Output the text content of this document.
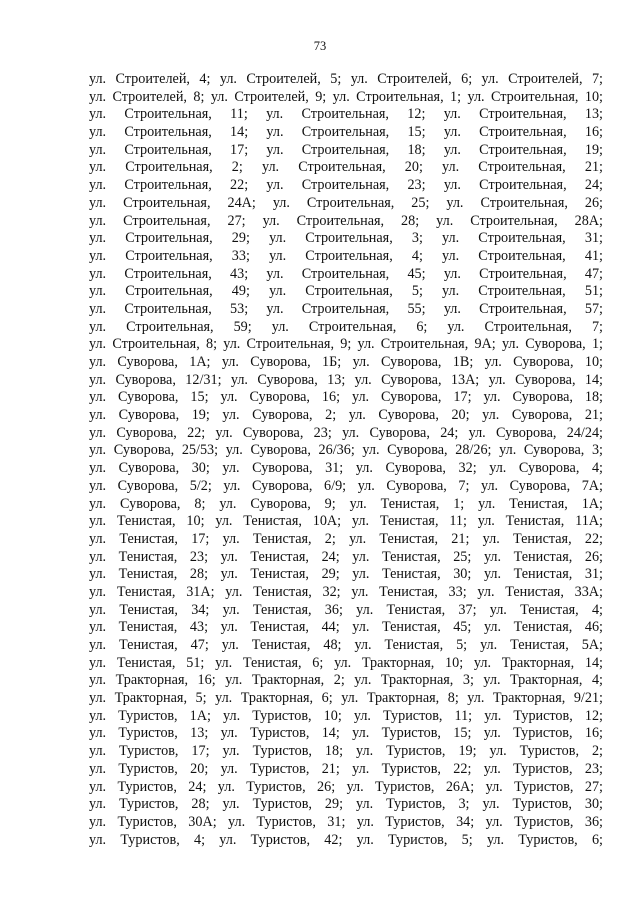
73
ул. Строителей, 4; ул. Строителей, 5; ул. Строителей, 6; ул. Строителей, 7;
ул. Строителей, 8; ул. Строителей, 9; ул. Строительная, 1; ул. Строительная, 10;
ул. Строительная, 11; ул. Строительная, 12; ул. Строительная, 13;
ул. Строительная, 14; ул. Строительная, 15; ул. Строительная, 16;
ул. Строительная, 17; ул. Строительная, 18; ул. Строительная, 19;
ул. Строительная, 2; ул. Строительная, 20; ул. Строительная, 21;
ул. Строительная, 22; ул. Строительная, 23; ул. Строительная, 24;
ул. Строительная, 24А; ул. Строительная, 25; ул. Строительная, 26;
ул. Строительная, 27; ул. Строительная, 28; ул. Строительная, 28А;
ул. Строительная, 29; ул. Строительная, 3; ул. Строительная, 31;
ул. Строительная, 33; ул. Строительная, 4; ул. Строительная, 41;
ул. Строительная, 43; ул. Строительная, 45; ул. Строительная, 47;
ул. Строительная, 49; ул. Строительная, 5; ул. Строительная, 51;
ул. Строительная, 53; ул. Строительная, 55; ул. Строительная, 57;
ул. Строительная, 59; ул. Строительная, 6; ул. Строительная, 7;
ул. Строительная, 8; ул. Строительная, 9; ул. Строительная, 9А; ул. Суворова, 1;
ул. Суворова, 1А; ул. Суворова, 1Б; ул. Суворова, 1В; ул. Суворова, 10;
ул. Суворова, 12/31; ул. Суворова, 13; ул. Суворова, 13А; ул. Суворова, 14;
ул. Суворова, 15; ул. Суворова, 16; ул. Суворова, 17; ул. Суворова, 18;
ул. Суворова, 19; ул. Суворова, 2; ул. Суворова, 20; ул. Суворова, 21;
ул. Суворова, 22; ул. Суворова, 23; ул. Суворова, 24; ул. Суворова, 24/24;
ул. Суворова, 25/53; ул. Суворова, 26/36; ул. Суворова, 28/26; ул. Суворова, 3;
ул. Суворова, 30; ул. Суворова, 31; ул. Суворова, 32; ул. Суворова, 4;
ул. Суворова, 5/2; ул. Суворова, 6/9; ул. Суворова, 7; ул. Суворова, 7А;
ул. Суворова, 8; ул. Суворова, 9; ул. Тенистая, 1; ул. Тенистая, 1А;
ул. Тенистая, 10; ул. Тенистая, 10А; ул. Тенистая, 11; ул. Тенистая, 11А;
ул. Тенистая, 17; ул. Тенистая, 2; ул. Тенистая, 21; ул. Тенистая, 22;
ул. Тенистая, 23; ул. Тенистая, 24; ул. Тенистая, 25; ул. Тенистая, 26;
ул. Тенистая, 28; ул. Тенистая, 29; ул. Тенистая, 30; ул. Тенистая, 31;
ул. Тенистая, 31А; ул. Тенистая, 32; ул. Тенистая, 33; ул. Тенистая, 33А;
ул. Тенистая, 34; ул. Тенистая, 36; ул. Тенистая, 37; ул. Тенистая, 4;
ул. Тенистая, 43; ул. Тенистая, 44; ул. Тенистая, 45; ул. Тенистая, 46;
ул. Тенистая, 47; ул. Тенистая, 48; ул. Тенистая, 5; ул. Тенистая, 5А;
ул. Тенистая, 51; ул. Тенистая, 6; ул. Тракторная, 10; ул. Тракторная, 14;
ул. Тракторная, 16; ул. Тракторная, 2; ул. Тракторная, 3; ул. Тракторная, 4;
ул. Тракторная, 5; ул. Тракторная, 6; ул. Тракторная, 8; ул. Тракторная, 9/21;
ул. Туристов, 1А; ул. Туристов, 10; ул. Туристов, 11; ул. Туристов, 12;
ул. Туристов, 13; ул. Туристов, 14; ул. Туристов, 15; ул. Туристов, 16;
ул. Туристов, 17; ул. Туристов, 18; ул. Туристов, 19; ул. Туристов, 2;
ул. Туристов, 20; ул. Туристов, 21; ул. Туристов, 22; ул. Туристов, 23;
ул. Туристов, 24; ул. Туристов, 26; ул. Туристов, 26А; ул. Туристов, 27;
ул. Туристов, 28; ул. Туристов, 29; ул. Туристов, 3; ул. Туристов, 30;
ул. Туристов, 30А; ул. Туристов, 31; ул. Туристов, 34; ул. Туристов, 36;
ул. Туристов, 4; ул. Туристов, 42; ул. Туристов, 5; ул. Туристов, 6;
